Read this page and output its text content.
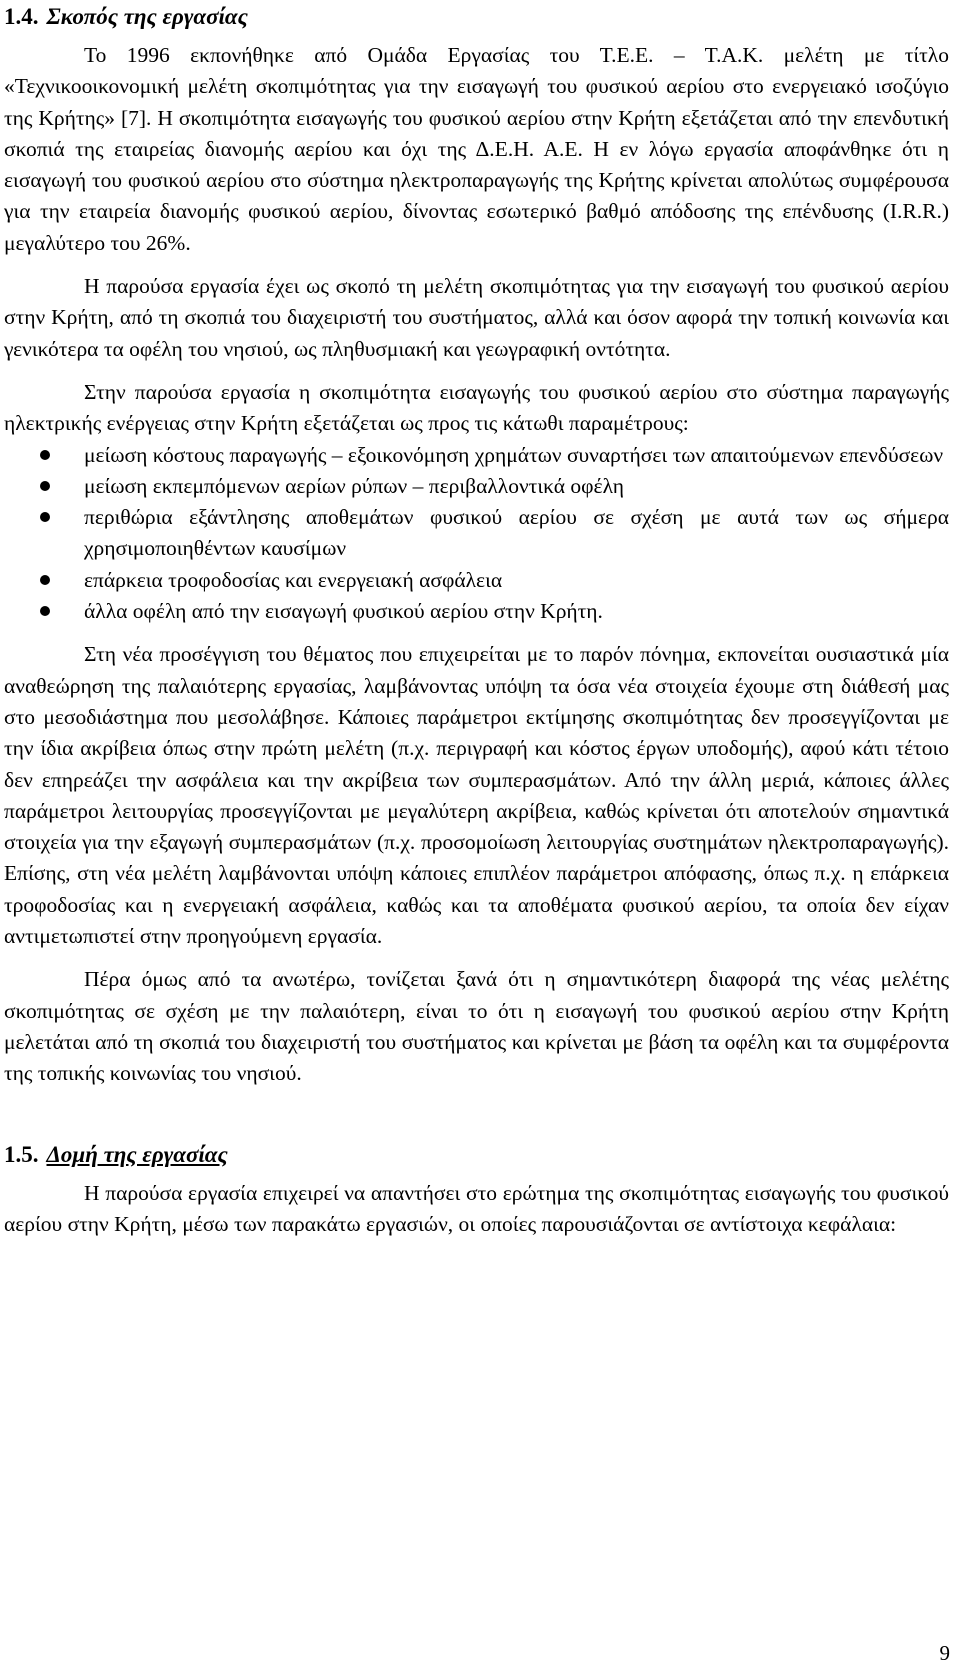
1.4. Σκοπός της εργασίας

Το 1996 εκπονήθηκε από Ομάδα Εργασίας του Τ.Ε.Ε. – Τ.Α.Κ. μελέτη με τίτλο «Τεχνικοοικονομική μελέτη σκοπιμότητας για την εισαγωγή του φυσικού αερίου στο ενεργειακό ισοζύγιο της Κρήτης» [7]. Η σκοπιμότητα εισαγωγής του φυσικού αερίου στην Κρήτη εξετάζεται από την επενδυτική σκοπιά της εταιρείας διανομής αερίου και όχι της Δ.Ε.Η. Α.Ε. Η εν λόγω εργασία αποφάνθηκε ότι η εισαγωγή του φυσικού αερίου στο σύστημα ηλεκτροπαραγωγής της Κρήτης κρίνεται απολύτως συμφέρουσα για την εταιρεία διανομής φυσικού αερίου, δίνοντας εσωτερικό βαθμό απόδοσης της επένδυσης (I.R.R.) μεγαλύτερο του 26%.

Η παρούσα εργασία έχει ως σκοπό τη μελέτη σκοπιμότητας για την εισαγωγή του φυσικού αερίου στην Κρήτη, από τη σκοπιά του διαχειριστή του συστήματος, αλλά και όσον αφορά την τοπική κοινωνία και γενικότερα τα οφέλη του νησιού, ως πληθυσμιακή και γεωγραφική οντότητα.

Στην παρούσα εργασία η σκοπιμότητα εισαγωγής του φυσικού αερίου στο σύστημα παραγωγής ηλεκτρικής ενέργειας στην Κρήτη εξετάζεται ως προς τις κάτωθι παραμέτρους:

μείωση κόστους παραγωγής – εξοικονόμηση χρημάτων συναρτήσει των απαιτούμενων επενδύσεων
μείωση εκπεμπόμενων αερίων ρύπων – περιβαλλοντικά οφέλη
περιθώρια εξάντλησης αποθεμάτων φυσικού αερίου σε σχέση με αυτά των ως σήμερα χρησιμοποιηθέντων καυσίμων
επάρκεια τροφοδοσίας και ενεργειακή ασφάλεια
άλλα οφέλη από την εισαγωγή φυσικού αερίου στην Κρήτη.

Στη νέα προσέγγιση του θέματος που επιχειρείται με το παρόν πόνημα, εκπονείται ουσιαστικά μία αναθεώρηση της παλαιότερης εργασίας, λαμβάνοντας υπόψη τα όσα νέα στοιχεία έχουμε στη διάθεσή μας στο μεσοδιάστημα που μεσολάβησε. Κάποιες παράμετροι εκτίμησης σκοπιμότητας δεν προσεγγίζονται με την ίδια ακρίβεια όπως στην πρώτη μελέτη (π.χ. περιγραφή και κόστος έργων υποδομής), αφού κάτι τέτοιο δεν επηρεάζει την ασφάλεια και την ακρίβεια των συμπερασμάτων. Από την άλλη μεριά, κάποιες άλλες παράμετροι λειτουργίας προσεγγίζονται με μεγαλύτερη ακρίβεια, καθώς κρίνεται ότι αποτελούν σημαντικά στοιχεία για την εξαγωγή συμπερασμάτων (π.χ. προσομοίωση λειτουργίας συστημάτων ηλεκτροπαραγωγής). Επίσης, στη νέα μελέτη λαμβάνονται υπόψη κάποιες επιπλέον παράμετροι απόφασης, όπως π.χ. η επάρκεια τροφοδοσίας και η ενεργειακή ασφάλεια, καθώς και τα αποθέματα φυσικού αερίου, τα οποία δεν είχαν αντιμετωπιστεί στην προηγούμενη εργασία.

Πέρα όμως από τα ανωτέρω, τονίζεται ξανά ότι η σημαντικότερη διαφορά της νέας μελέτης σκοπιμότητας σε σχέση με την παλαιότερη, είναι το ότι η εισαγωγή του φυσικού αερίου στην Κρήτη μελετάται από τη σκοπιά του διαχειριστή του συστήματος και κρίνεται με βάση τα οφέλη και τα συμφέροντα της τοπικής κοινωνίας του νησιού.

1.5. Δομή της εργασίας

Η παρούσα εργασία επιχειρεί να απαντήσει στο ερώτημα της σκοπιμότητας εισαγωγής του φυσικού αερίου στην Κρήτη, μέσω των παρακάτω εργασιών, οι οποίες παρουσιάζονται σε αντίστοιχα κεφάλαια:

9
